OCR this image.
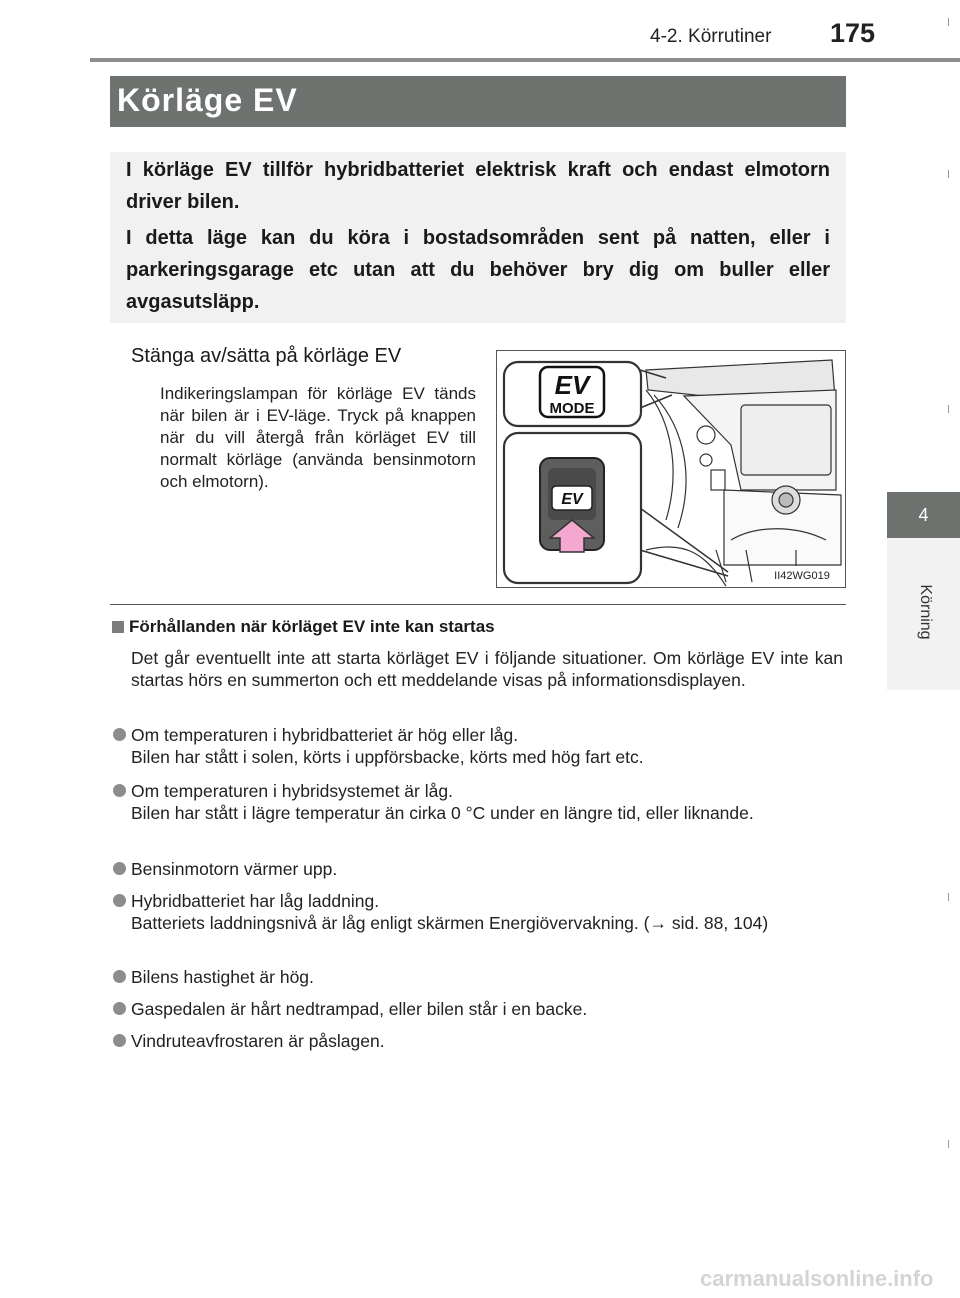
4-2. Körrutiner 175
4
Körning
Körläge EV
I körläge EV tillför hybridbatteriet elektrisk kraft och endast elmotorn driver bilen.
I detta läge kan du köra i bostadsområden sent på natten, eller i parkeringsgarage etc utan att du behöver bry dig om buller eller avgasutsläpp.
Stänga av/sätta på körläge EV
Indikeringslampan för körläge EV tänds när bilen är i EV-läge. Tryck på knappen när du vill återgå från körläget EV till normalt körläge (använda bensinmotorn och elmotorn).
EV
MODE
EV
II42WG019
Förhållanden när körläget EV inte kan startas
Det går eventuellt inte att starta körläget EV i följande situationer. Om körläge EV inte kan startas hörs en summerton och ett meddelande visas på informationsdisplayen.
Om temperaturen i hybridbatteriet är hög eller låg.
Bilen har stått i solen, körts i uppförsbacke, körts med hög fart etc.
Om temperaturen i hybridsystemet är låg.
Bilen har stått i lägre temperatur än cirka 0 °C under en längre tid, eller liknande.
Bensinmotorn värmer upp.
Hybridbatteriet har låg laddning.
Batteriets laddningsnivå är låg enligt skärmen Energiövervakning. (→ sid. 88, 104)
Bilens hastighet är hög.
Gaspedalen är hårt nedtrampad, eller bilen står i en backe.
Vindruteavfrostaren är påslagen.
carmanualsonline.info
